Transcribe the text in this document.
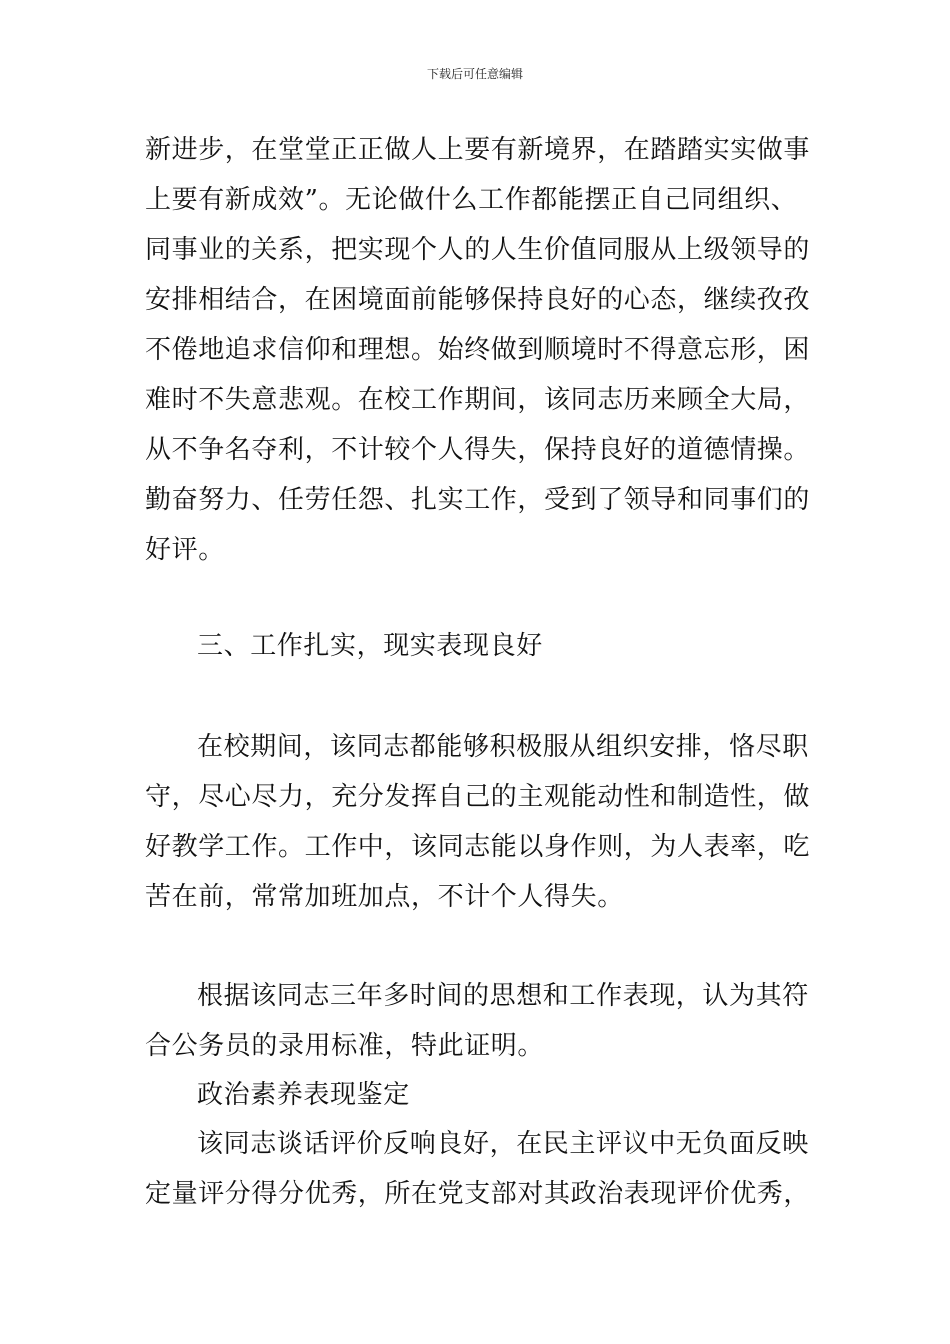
下载后可任意编辑
新进步，在堂堂正正做人上要有新境界，在踏踏实实做事
上要有新成效”。无论做什么工作都能摆正自己同组织、
同事业的关系，把实现个人的人生价值同服从上级领导的
安排相结合，在困境面前能够保持良好的心态，继续孜孜
不倦地追求信仰和理想。始终做到顺境时不得意忘形，困
难时不失意悲观。在校工作期间，该同志历来顾全大局，
从不争名夺利，不计较个人得失，保持良好的道德情操。
勤奋努力、任劳任怨、扎实工作，受到了领导和同事们的
好评。
三、工作扎实，现实表现良好
在校期间，该同志都能够积极服从组织安排，恪尽职
守，尽心尽力，充分发挥自己的主观能动性和制造性，做
好教学工作。工作中，该同志能以身作则，为人表率，吃
苦在前，常常加班加点，不计个人得失。
根据该同志三年多时间的思想和工作表现，认为其符
合公务员的录用标准，特此证明。
政治素养表现鉴定
该同志谈话评价反响良好，在民主评议中无负面反映
定量评分得分优秀，所在党支部对其政治表现评价优秀，
